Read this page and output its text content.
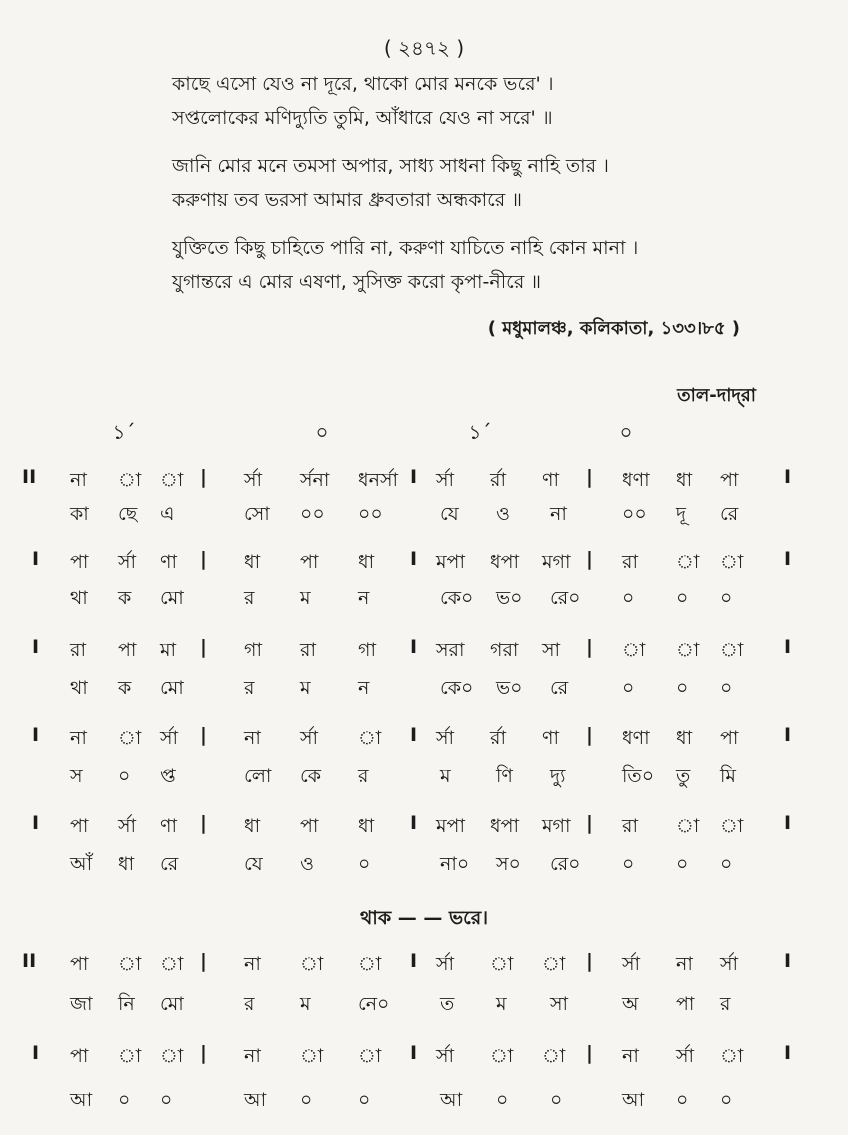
( ২৪৭২ )
কাছে এসো যেও না দূরে, থাকো মোর মনকে ভরে' ।
সপ্তলোকের মণিদ্যুতি তুমি, আঁধারে যেও না সরে' ॥
জানি মোর মনে তমসা অপার, সাধ্য সাধনা কিছু নাহি তার ।
করুণায় তব ভরসা আমার ধ্রুবতারা অন্ধকারে ॥
যুক্তিতে কিছু চাহিতে পারি না, করুণা যাচিতে নাহি কোন মানা ।
যুগান্তরে এ মোর এষণা, সুসিক্ত করো কৃপা-নীরে ॥
( মধুমালঞ্চ, কলিকাতা, ১৩৩।৮৫ )
তাল-দাদ্‌রা
১´	০	১´	০
থাক — — ভরে।
II না া া | র্সা র্সনা ধনর্সা I র্সা র্রা ণা | ধণা ধা পা I
কা ছে এ	সো ০০ ০০	যে ও না	০০ দূ রে
I পা র্সা ণা | ধা পা ধা I মপা ধপা মগা | রা া া I
থা ক মো	র ম ন	কে০ ভ০ রে০ ০ ০ ০
I রা পা মা | গা রা গা I সরা গরা সা | া া া I
থা ক মো	র ম ন	কে০ ভ০ রে	০ ০ ০
I না া র্সা | না র্সা া I র্সা র্রা ণা | ধণা ধা পা I
স ০ প্ত	লো কে র	ম ণি দ্যু	তি০ তু মি
I পা র্সা ণা | ধা পা ধা I মপা ধপা মগা | রা া া I
আঁ ধা রে	যে ও ০	না০ স০ রে০ ০ ০ ০
II পা া া | না া া I র্সা া া | র্সা না র্সা I
জা নি মো	র ম নে০	ত ম সা	অ পা র
I পা া া | না া া I র্সা া া | না র্সা া I
আ ০ ০	আ ০ ০	আ ০ ০	আ ০ ০
